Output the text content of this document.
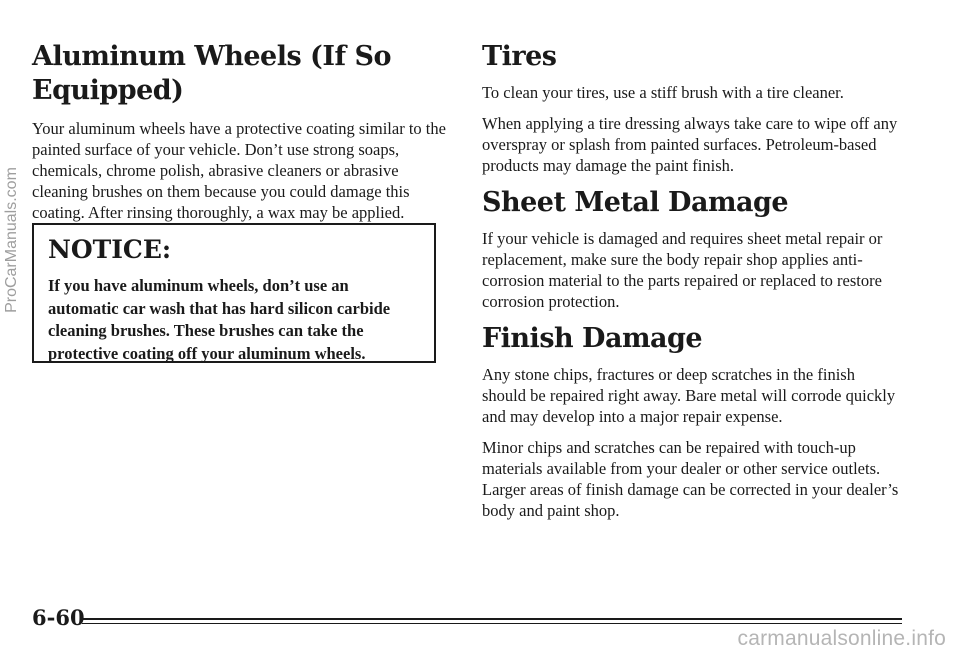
Aluminum Wheels (If So Equipped)

Your aluminum wheels have a protective coating similar to the painted surface of your vehicle. Don’t use strong soaps, chemicals, chrome polish, abrasive cleaners or abrasive cleaning brushes on them because you could damage this coating. After rinsing thoroughly, a wax may be applied.

NOTICE:

If you have aluminum wheels, don’t use an automatic car wash that has hard silicon carbide cleaning brushes. These brushes can take the protective coating off your aluminum wheels.

Tires

To clean your tires, use a stiff brush with a tire cleaner.

When applying a tire dressing always take care to wipe off any overspray or splash from painted surfaces. Petroleum-based products may damage the paint finish.

Sheet Metal Damage

If your vehicle is damaged and requires sheet metal repair or replacement, make sure the body repair shop applies anti-corrosion material to the parts repaired or replaced to restore corrosion protection.

Finish Damage

Any stone chips, fractures or deep scratches in the finish should be repaired right away. Bare metal will corrode quickly and may develop into a major repair expense.

Minor chips and scratches can be repaired with touch-up materials available from your dealer or other service outlets. Larger areas of finish damage can be corrected in your dealer’s body and paint shop.

6-60
ProCarManuals.com
carmanualsonline.info
